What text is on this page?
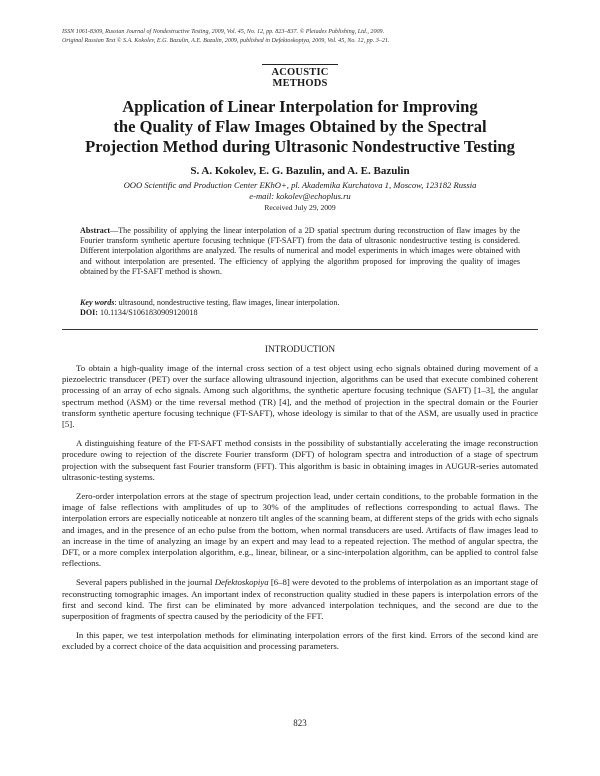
ISSN 1061-8309, Russian Journal of Nondestructive Testing, 2009, Vol. 45, No. 12, pp. 823–837. © Pleiades Publishing, Ltd., 2009.
Original Russian Text © S.A. Kokolev, E.G. Bazulin, A.E. Bazulin, 2009, published in Defektoskopiya, 2009, Vol. 45, No. 12, pp. 3–21.
ACOUSTIC
METHODS
Application of Linear Interpolation for Improving
the Quality of Flaw Images Obtained by the Spectral
Projection Method during Ultrasonic Nondestructive Testing
S. A. Kokolev, E. G. Bazulin, and A. E. Bazulin
OOO Scientific and Production Center EKhO+, pl. Akademika Kurchatova 1, Moscow, 123182 Russia
e-mail: kokolev@echoplus.ru
Received July 29, 2009
Abstract—The possibility of applying the linear interpolation of a 2D spatial spectrum during reconstruction of flaw images by the Fourier transform synthetic aperture focusing technique (FT-SAFT) from the data of ultrasonic nondestructive testing is considered. Different interpolation algorithms are analyzed. The results of numerical and model experiments in which images were obtained with and without interpolation are presented. The efficiency of applying the algorithm proposed for improving the quality of images obtained by the FT-SAFT method is shown.
Key words: ultrasound, nondestructive testing, flaw images, linear interpolation.
DOI: 10.1134/S1061830909120018
INTRODUCTION

To obtain a high-quality image of the internal cross section of a test object using echo signals obtained during movement of a piezoelectric transducer (PET) over the surface allowing ultrasound injection, algorithms can be used that execute combined coherent processing of an array of echo signals. Among such algorithms, the synthetic aperture focusing technique (SAFT) [1–3], the angular spectrum method (ASM) or the time reversal method (TR) [4], and the method of projection in the spectral domain or the Fourier transform synthetic aperture focusing technique (FT-SAFT), whose ideology is similar to that of the ASM, are usually used in practice [5].

A distinguishing feature of the FT-SAFT method consists in the possibility of substantially accelerating the image reconstruction procedure owing to rejection of the discrete Fourier transform (DFT) of hologram spectra and introduction of a stage of spectrum projection with the subsequent fast Fourier transform (FFT). This algorithm is basic in obtaining images in AUGUR-series automated ultrasonic-testing systems.

Zero-order interpolation errors at the stage of spectrum projection lead, under certain conditions, to the probable formation in the image of false reflections with amplitudes of up to 30% of the amplitudes of reflections corresponding to actual flaws. The interpolation errors are especially noticeable at nonzero tilt angles of the scanning beam, at different steps of the grids with echo signals and images, and in the presence of an echo pulse from the bottom, when normal transducers are used. Artifacts of flaw images lead to an increase in the time of analyzing an image by an expert and may lead to a repeated rejection. The method of angular spectra, the DFT, or a more complex interpolation algorithm, e.g., linear, bilinear, or a sinc-interpolation algorithm, can be applied to control false reflections.

Several papers published in the journal Defektoskopiya [6–8] were devoted to the problems of interpolation as an important stage of reconstructing tomographic images. An important index of reconstruction quality studied in these papers is interpolation errors of the first and second kind. The first can be eliminated by more advanced interpolation techniques, and the second are due to the superposition of fragments of spectra caused by the periodicity of the FFT.

In this paper, we test interpolation methods for eliminating interpolation errors of the first kind. Errors of the second kind are excluded by a correct choice of the data acquisition and processing parameters.

823
